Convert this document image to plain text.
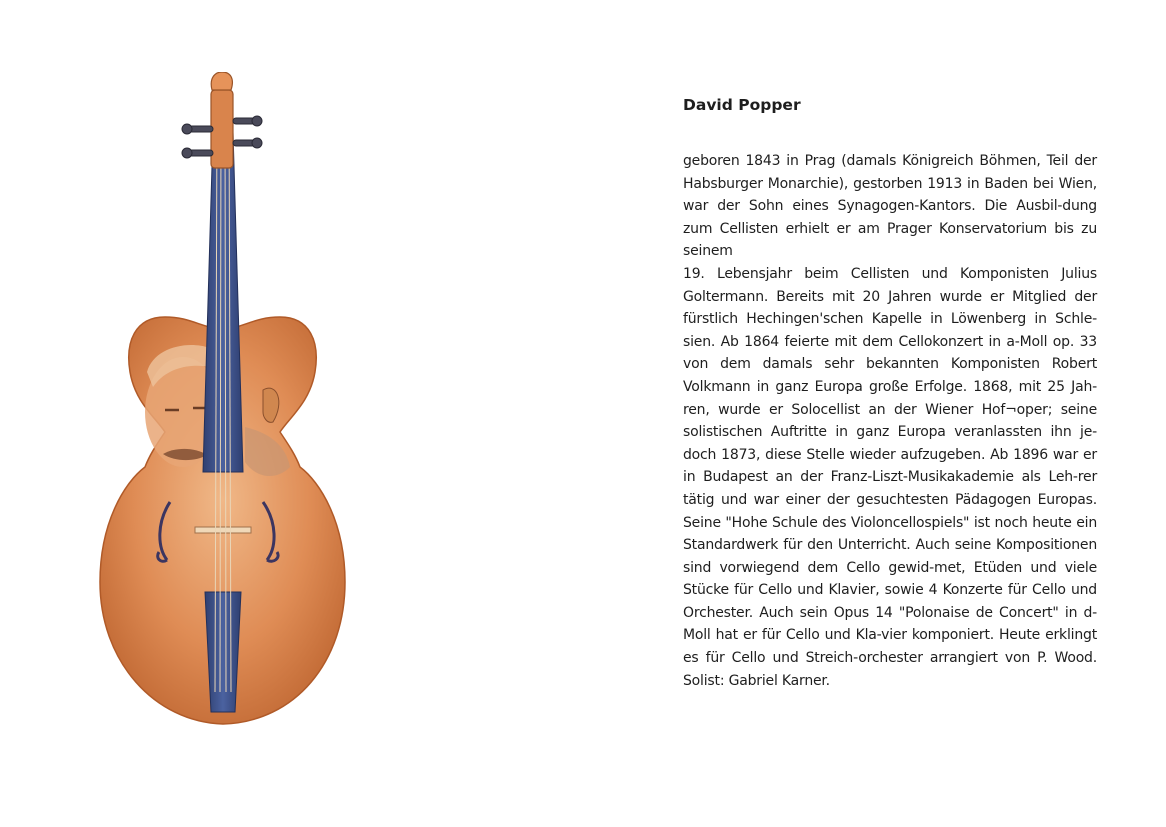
David Popper

geboren 1843 in Prag (damals Königreich Böhmen, Teil der Habsburger Monarchie), gestorben 1913 in Baden bei Wien, war der Sohn eines Synagogen-Kantors. Die Ausbil-dung zum Cellisten erhielt er am Prager Konservatorium bis zu seinem

19. Lebensjahr beim Cellisten und Komponisten Julius Goltermann. Bereits mit 20 Jahren wurde er Mitglied der fürstlich Hechingen'schen Kapelle in Löwenberg in Schle-sien. Ab 1864 feierte mit dem Cellokonzert in a-Moll op. 33 von dem damals sehr bekannten Komponisten Robert Volkmann in ganz Europa große Erfolge. 1868, mit 25 Jah-ren, wurde er Solocellist an der Wiener Hof¬oper; seine solistischen Auftritte in ganz Europa veranlassten ihn je-doch 1873, diese Stelle wieder aufzugeben. Ab 1896 war er in Budapest an der Franz-Liszt-Musikakademie als Leh-rer tätig und war einer der gesuchtesten Pädagogen Europas. Seine "Hohe Schule des Violoncellospiels" ist noch heute ein Standardwerk für den Unterricht. Auch seine Kompositionen sind vorwiegend dem Cello gewid-met, Etüden und viele Stücke für Cello und Klavier, sowie 4 Konzerte für Cello und Orchester. Auch sein Opus 14 "Polonaise de Concert" in d-Moll hat er für Cello und Kla-vier komponiert. Heute erklingt es für Cello und Streich-orchester arrangiert von P. Wood. Solist: Gabriel Karner.
